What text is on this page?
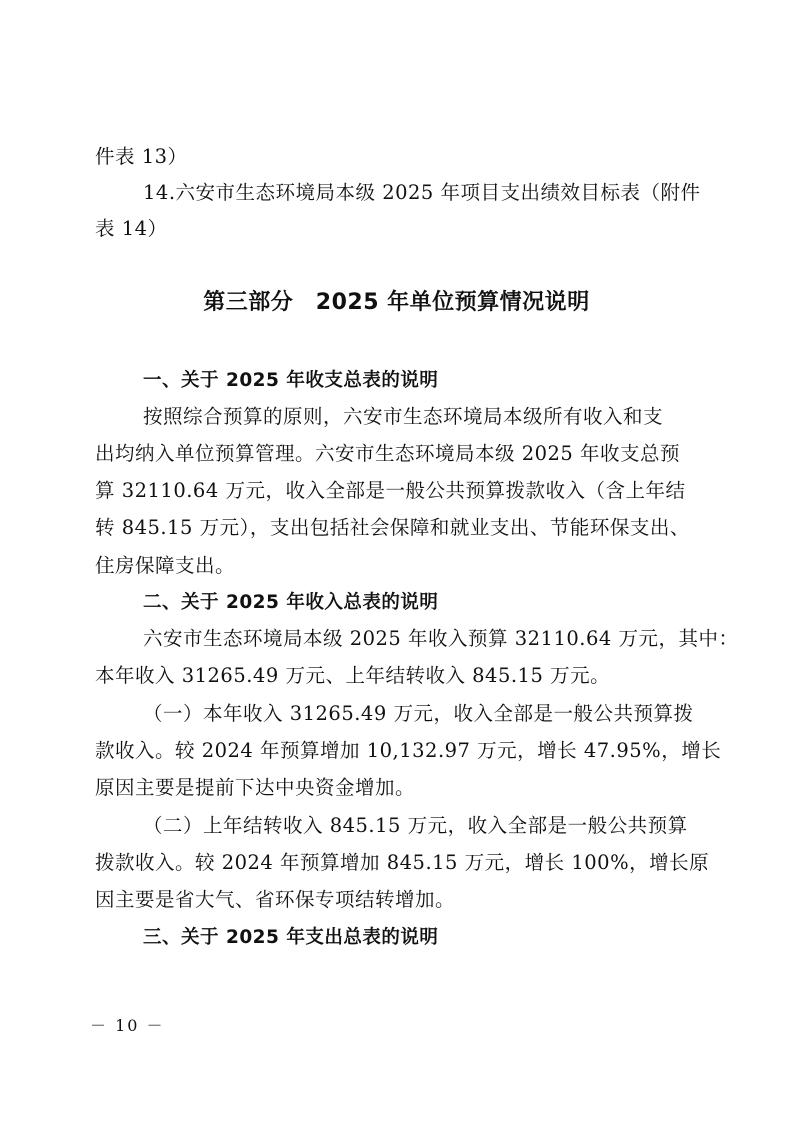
件表 13）
14.六安市生态环境局本级 2025 年项目支出绩效目标表（附件
表 14）
第三部分　2025 年单位预算情况说明
一、关于 2025 年收支总表的说明
按照综合预算的原则，六安市生态环境局本级所有收入和支
出均纳入单位预算管理。六安市生态环境局本级 2025 年收支总预
算 32110.64 万元，收入全部是一般公共预算拨款收入（含上年结
转 845.15 万元），支出包括社会保障和就业支出、节能环保支出、
住房保障支出。
二、关于 2025 年收入总表的说明
六安市生态环境局本级 2025 年收入预算 32110.64 万元，其中：
本年收入 31265.49 万元、上年结转收入 845.15 万元。
（一）本年收入 31265.49 万元，收入全部是一般公共预算拨
款收入。较 2024 年预算增加 10,132.97 万元，增长 47.95%，增长
原因主要是提前下达中央资金增加。
（二）上年结转收入 845.15 万元，收入全部是一般公共预算
拨款收入。较 2024 年预算增加 845.15 万元，增长 100%，增长原
因主要是省大气、省环保专项结转增加。
三、关于 2025 年支出总表的说明
－ 10 －
